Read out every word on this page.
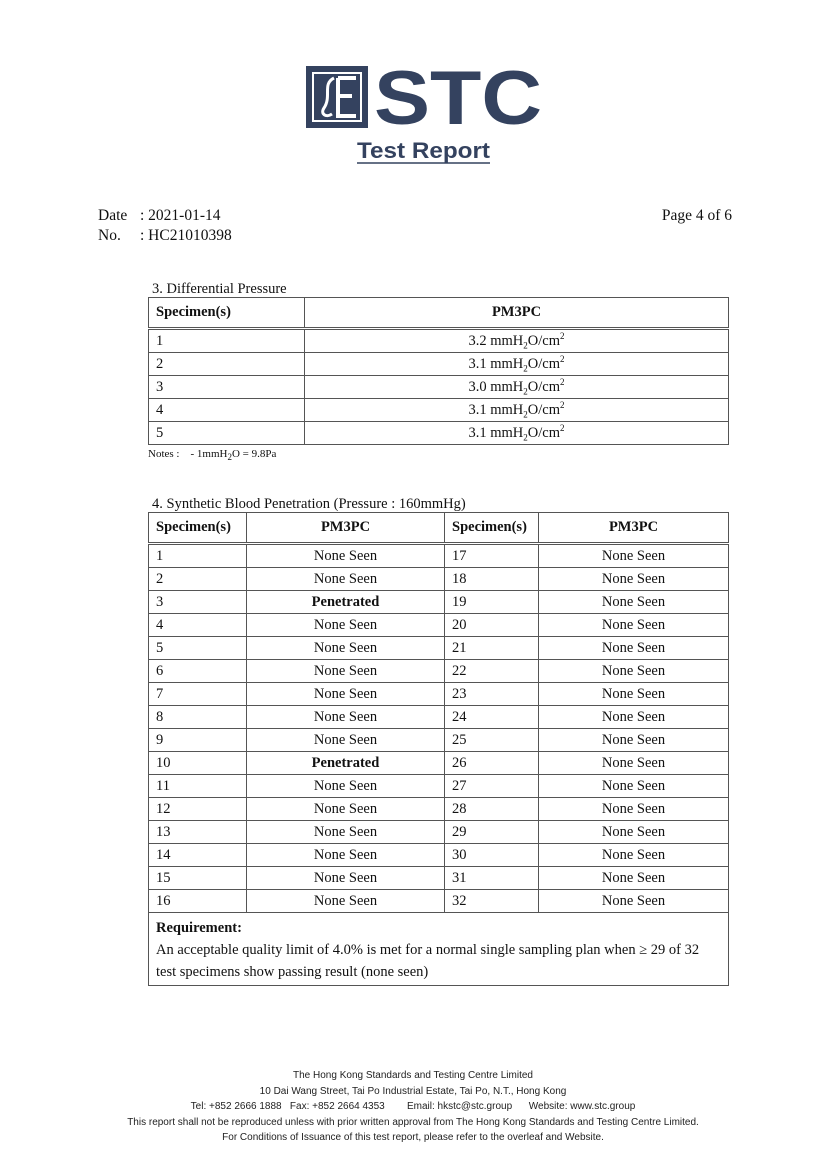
STC
Test Report
Date : 2021-01-14
No. : HC21010398
Page 4 of 6
3. Differential Pressure
Specimen(s)	PM3PC
1	3.2 $mmH_2O/cm^2$
2	3.1 $mmH_2O/cm^2$
3	3.0 $mmH_2O/cm^2$
4	3.1 $mmH_2O/cm^2$
5	3.1 $mmH_2O/cm^2$
Notes : - 1mmH$_2$O = 9.8Pa
4. Synthetic Blood Penetration (Pressure : 160mmHg)
Specimen(s)	PM3PC	Specimen(s)	PM3PC
1	None Seen	17	None Seen
2	None Seen	18	None Seen
3	Penetrated	19	None Seen
4	None Seen	20	None Seen
5	None Seen	21	None Seen
6	None Seen	22	None Seen
7	None Seen	23	None Seen
8	None Seen	24	None Seen
9	None Seen	25	None Seen
10	Penetrated	26	None Seen
11	None Seen	27	None Seen
12	None Seen	28	None Seen
13	None Seen	29	None Seen
14	None Seen	30	None Seen
15	None Seen	31	None Seen
16	None Seen	32	None Seen
Requirement:
An acceptable quality limit of 4.0% is met for a normal single sampling plan when ≥ 29 of 32 test specimens show passing result (none seen)			
The Hong Kong Standards and Testing Centre Limited
10 Dai Wang Street, Tai Po Industrial Estate, Tai Po, N.T., Hong Kong
Tel: +852 2666 1888   Fax: +852 2664 4353        Email: hkstc@stc.group      Website: www.stc.group
This report shall not be reproduced unless with prior written approval from The Hong Kong Standards and Testing Centre Limited.
For Conditions of Issuance of this test report, please refer to the overleaf and Website.
